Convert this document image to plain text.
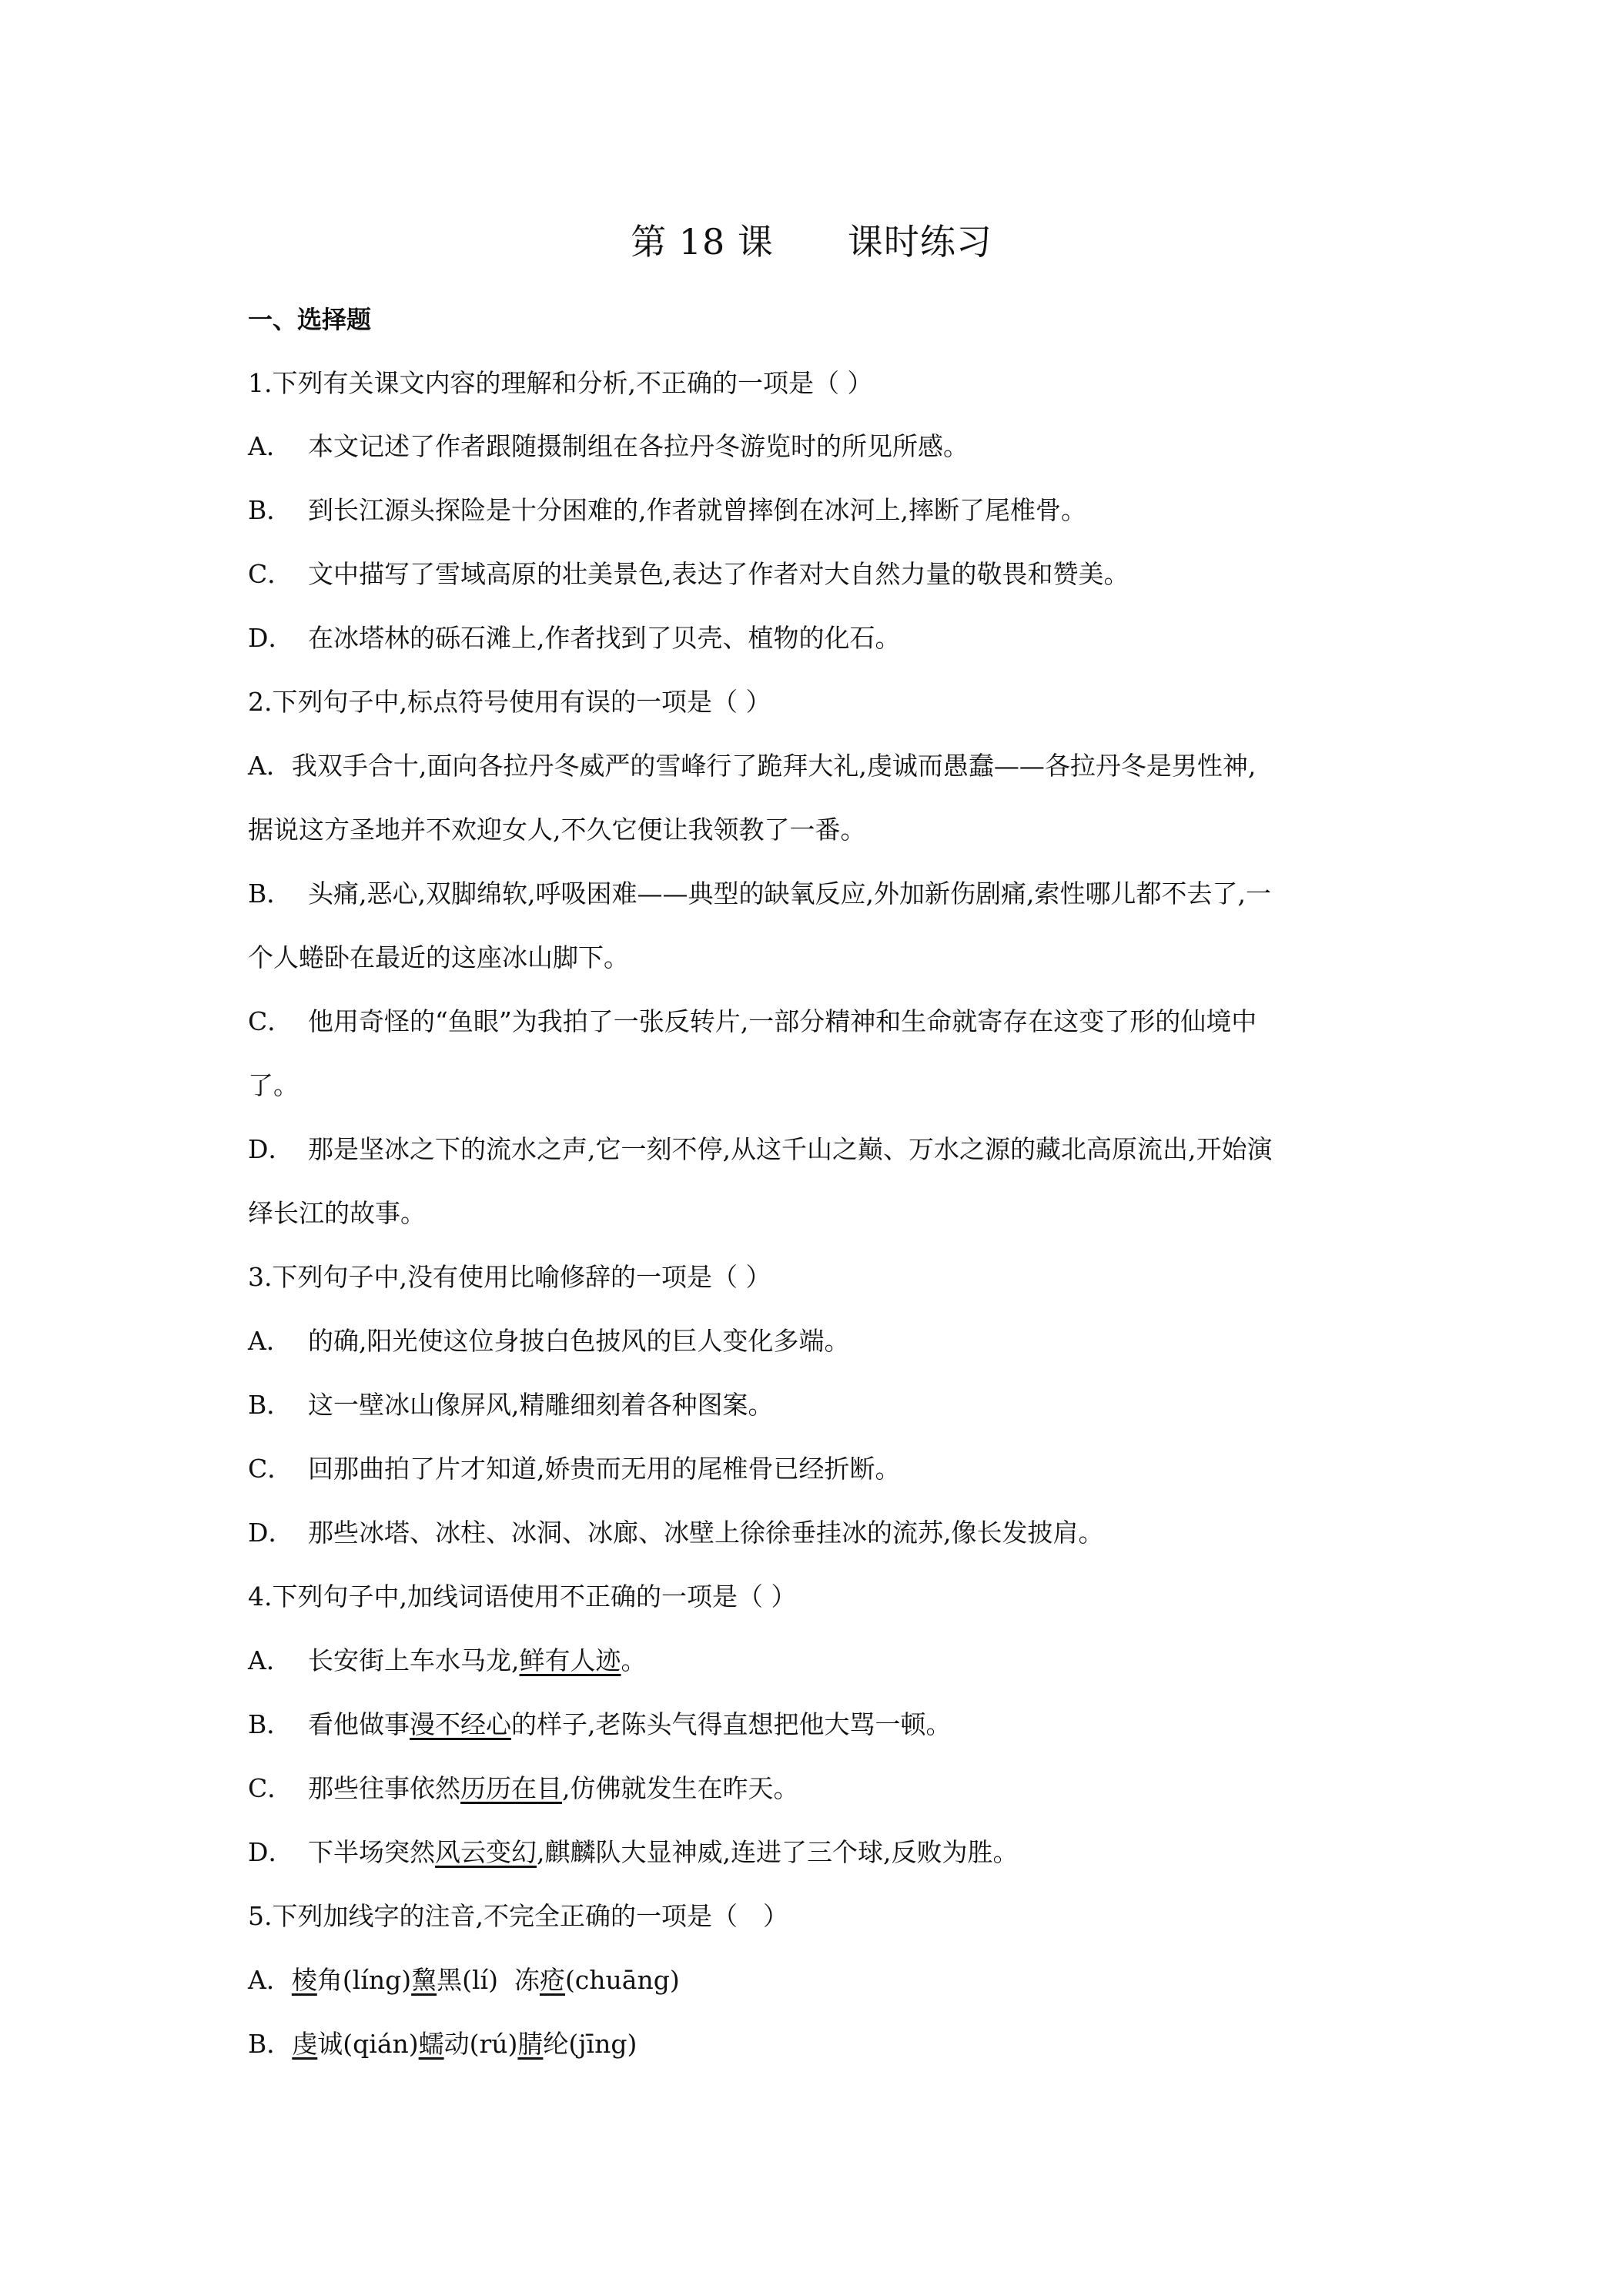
第 18 课 课时练习
一、选择题
1.下列有关课文内容的理解和分析,不正确的一项是（ ）
A． 本文记述了作者跟随摄制组在各拉丹冬游览时的所见所感。
B． 到长江源头探险是十分困难的,作者就曾摔倒在冰河上,摔断了尾椎骨。
C． 文中描写了雪域高原的壮美景色,表达了作者对大自然力量的敬畏和赞美。
D． 在冰塔林的砾石滩上,作者找到了贝壳、植物的化石。
2.下列句子中,标点符号使用有误的一项是（ ）
A．我双手合十,面向各拉丹冬威严的雪峰行了跪拜大礼,虔诚而愚蠢——各拉丹冬是男性神,
据说这方圣地并不欢迎女人,不久它便让我领教了一番。
B． 头痛,恶心,双脚绵软,呼吸困难——典型的缺氧反应,外加新伤剧痛,索性哪儿都不去了,一
个人蜷卧在最近的这座冰山脚下。
C． 他用奇怪的“鱼眼”为我拍了一张反转片,一部分精神和生命就寄存在这变了形的仙境中
了。
D． 那是坚冰之下的流水之声,它一刻不停,从这千山之巅、万水之源的藏北高原流出,开始演
绎长江的故事。
3.下列句子中,没有使用比喻修辞的一项是（ ）
A． 的确,阳光使这位身披白色披风的巨人变化多端。
B． 这一壁冰山像屏风,精雕细刻着各种图案。
C． 回那曲拍了片才知道,娇贵而无用的尾椎骨已经折断。
D． 那些冰塔、冰柱、冰洞、冰廊、冰壁上徐徐垂挂冰的流苏,像长发披肩。
4.下列句子中,加线词语使用不正确的一项是（ ）
A． 长安街上车水马龙,鲜有人迹。
B． 看他做事漫不经心的样子,老陈头气得直想把他大骂一顿。
C． 那些往事依然历历在目,仿佛就发生在昨天。
D． 下半场突然风云变幻,麒麟队大显神威,连进了三个球,反败为胜。
5.下列加线字的注音,不完全正确的一项是（　）
A．棱角(líng)黧黑(lí)  冻疮(chuāng)
B．虔诚(qián)蠕动(rú)腈纶(jīng)
